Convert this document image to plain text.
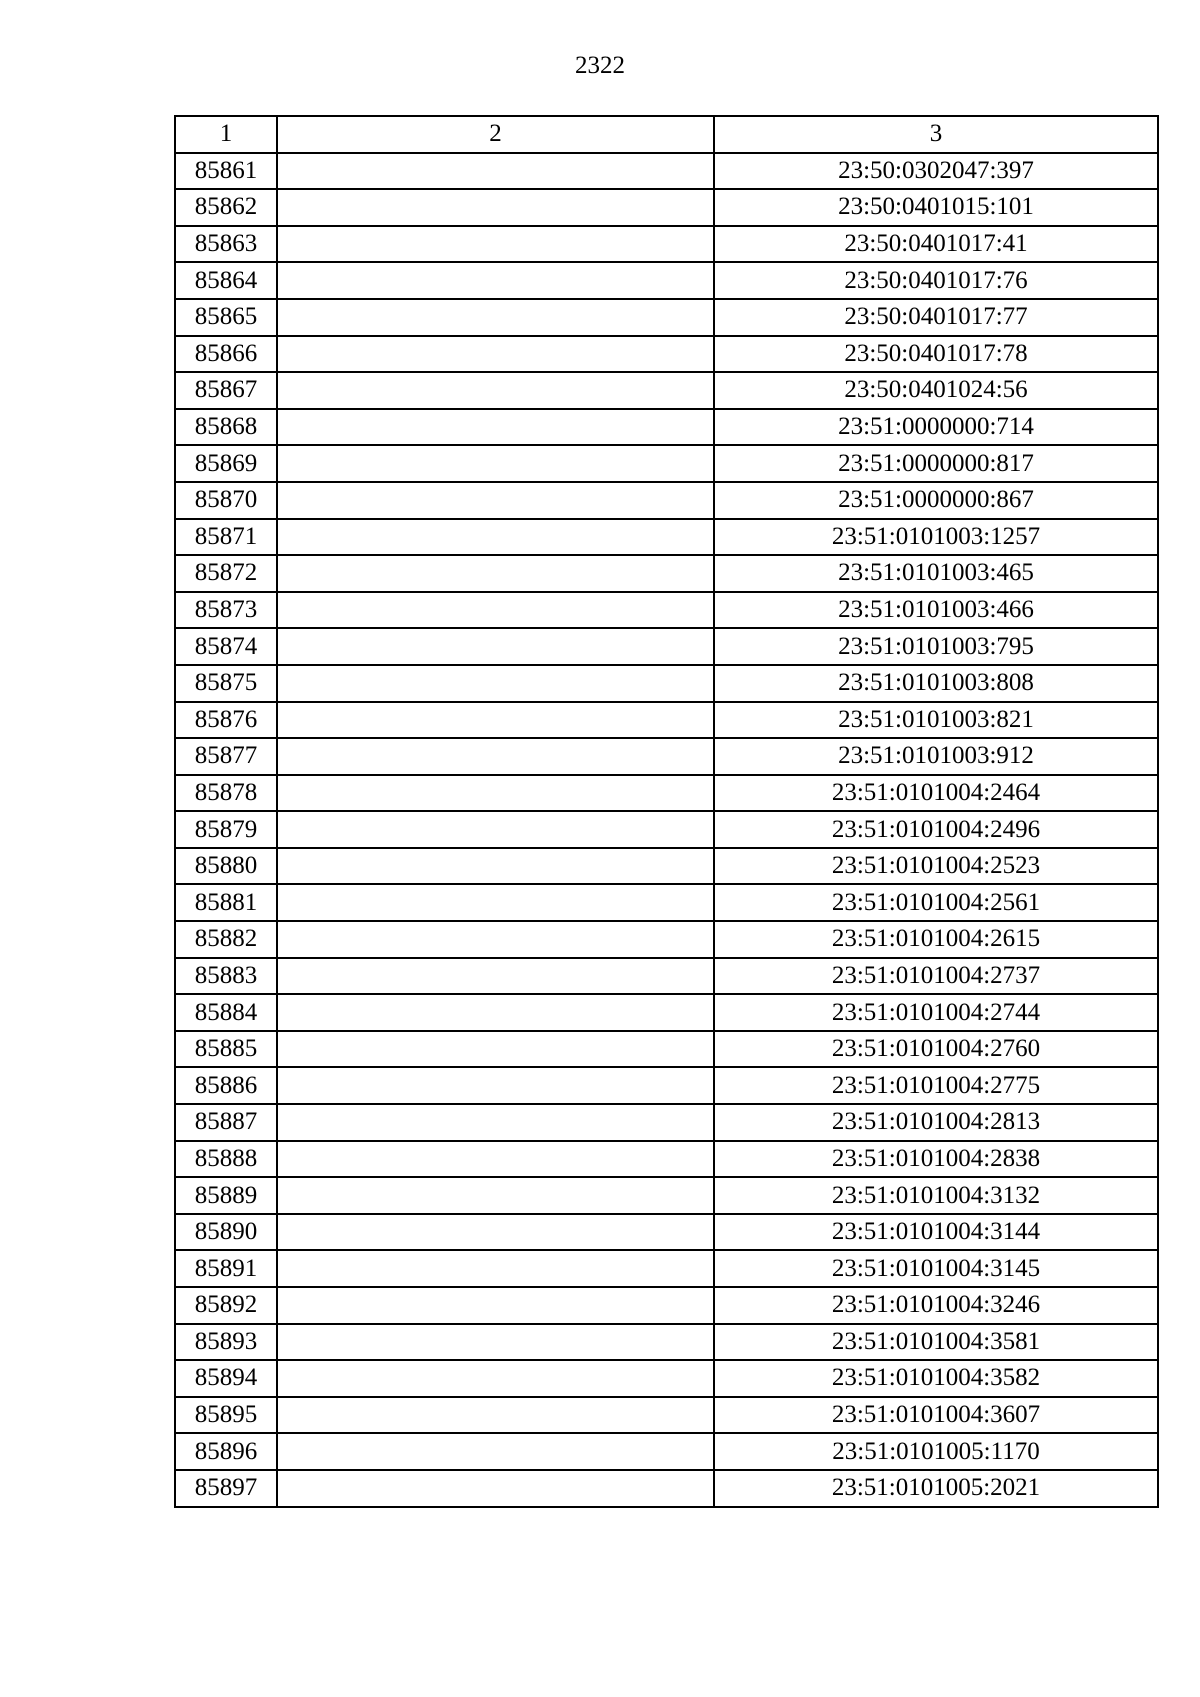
2322
1	2	3
85861		23:50:0302047:397
85862		23:50:0401015:101
85863		23:50:0401017:41
85864		23:50:0401017:76
85865		23:50:0401017:77
85866		23:50:0401017:78
85867		23:50:0401024:56
85868		23:51:0000000:714
85869		23:51:0000000:817
85870		23:51:0000000:867
85871		23:51:0101003:1257
85872		23:51:0101003:465
85873		23:51:0101003:466
85874		23:51:0101003:795
85875		23:51:0101003:808
85876		23:51:0101003:821
85877		23:51:0101003:912
85878		23:51:0101004:2464
85879		23:51:0101004:2496
85880		23:51:0101004:2523
85881		23:51:0101004:2561
85882		23:51:0101004:2615
85883		23:51:0101004:2737
85884		23:51:0101004:2744
85885		23:51:0101004:2760
85886		23:51:0101004:2775
85887		23:51:0101004:2813
85888		23:51:0101004:2838
85889		23:51:0101004:3132
85890		23:51:0101004:3144
85891		23:51:0101004:3145
85892		23:51:0101004:3246
85893		23:51:0101004:3581
85894		23:51:0101004:3582
85895		23:51:0101004:3607
85896		23:51:0101005:1170
85897		23:51:0101005:2021
